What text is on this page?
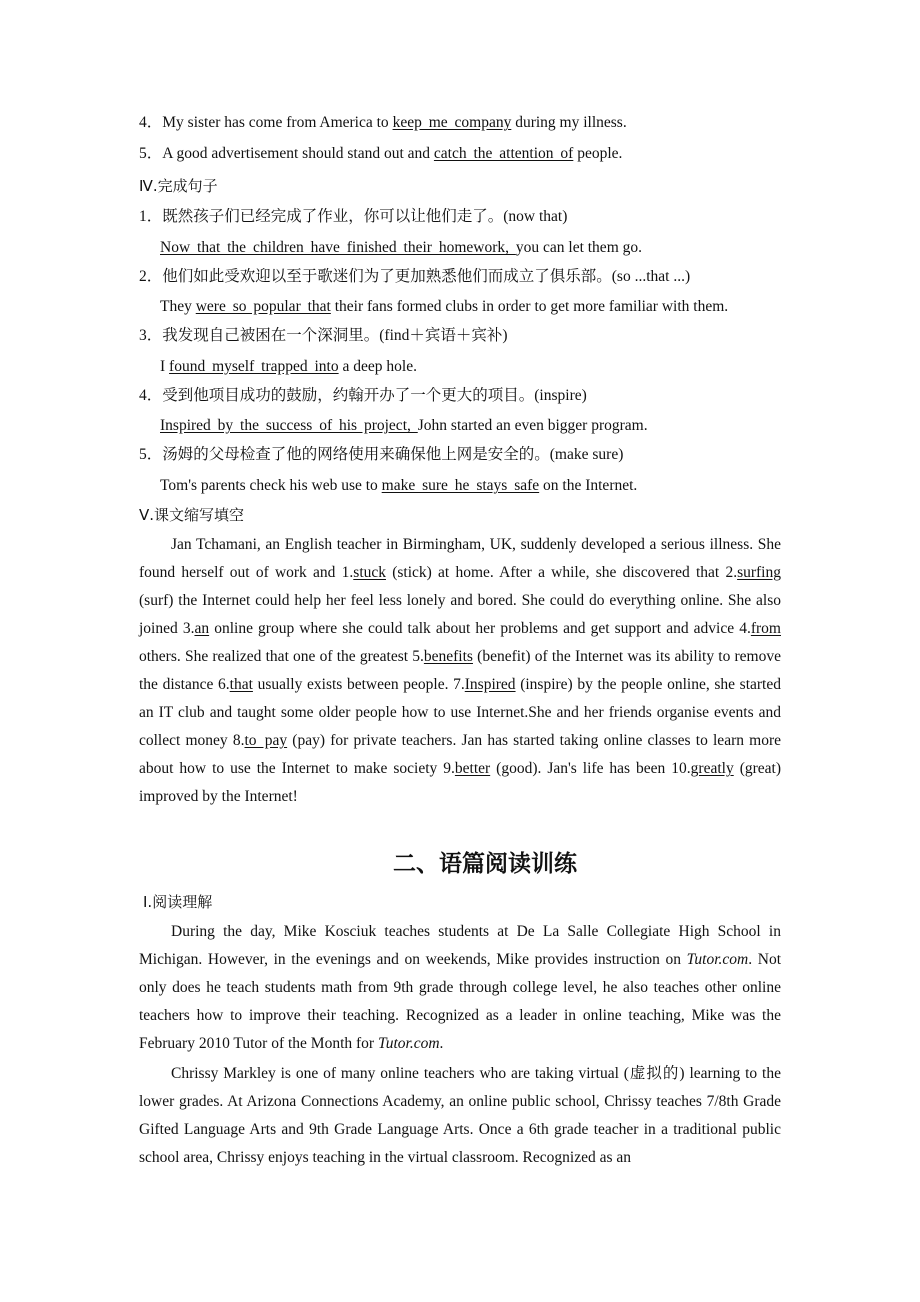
4．My sister has come from America to keep me company during my illness.
5．A good advertisement should stand out and catch the attention of people.
Ⅳ.完成句子
1．既然孩子们已经完成了作业，你可以让他们走了。(now that)
Now that the children have finished their homework, you can let them go.
2．他们如此受欢迎以至于歌迷们为了更加熟悉他们而成立了俱乐部。(so ...that ...)
They were so popular that their fans formed clubs in order to get more familiar with them.
3．我发现自己被困在一个深洞里。(find＋宾语＋宾补)
I found myself trapped into a deep hole.
4．受到他项目成功的鼓励，约翰开办了一个更大的项目。(inspire)
Inspired by the success of his project, John started an even bigger program.
5．汤姆的父母检查了他的网络使用来确保他上网是安全的。(make sure)
Tom's parents check his web use to make sure he stays safe on the Internet.
Ⅴ.课文缩写填空
Jan Tchamani, an English teacher in Birmingham, UK, suddenly developed a serious illness. She found herself out of work and 1.stuck (stick) at home. After a while, she discovered that 2.surfing (surf) the Internet could help her feel less lonely and bored. She could do everything online. She also joined 3.an online group where she could talk about her problems and get support and advice 4.from others. She realized that one of the greatest 5.benefits (benefit) of the Internet was its ability to remove the distance 6.that usually exists between people. 7.Inspired (inspire) by the people online, she started an IT club and taught some older people how to use Internet.She and her friends organise events and collect money 8.to pay (pay) for private teachers. Jan has started taking online classes to learn more about how to use the Internet to make society 9.better (good). Jan's life has been 10.greatly (great) improved by the Internet!
二、语篇阅读训练
Ⅰ.阅读理解
During the day, Mike Kosciuk teaches students at De La Salle Collegiate High School in Michigan. However, in the evenings and on weekends, Mike provides instruction on Tutor.com. Not only does he teach students math from 9th grade through college level, he also teaches other online teachers how to improve their teaching. Recognized as a leader in online teaching, Mike was the February 2010 Tutor of the Month for Tutor.com.
Chrissy Markley is one of many online teachers who are taking virtual (虚拟的) learning to the lower grades. At Arizona Connections Academy, an online public school, Chrissy teaches 7/8th Grade Gifted Language Arts and 9th Grade Language Arts. Once a 6th grade teacher in a traditional public school area, Chrissy enjoys teaching in the virtual classroom. Recognized as an
